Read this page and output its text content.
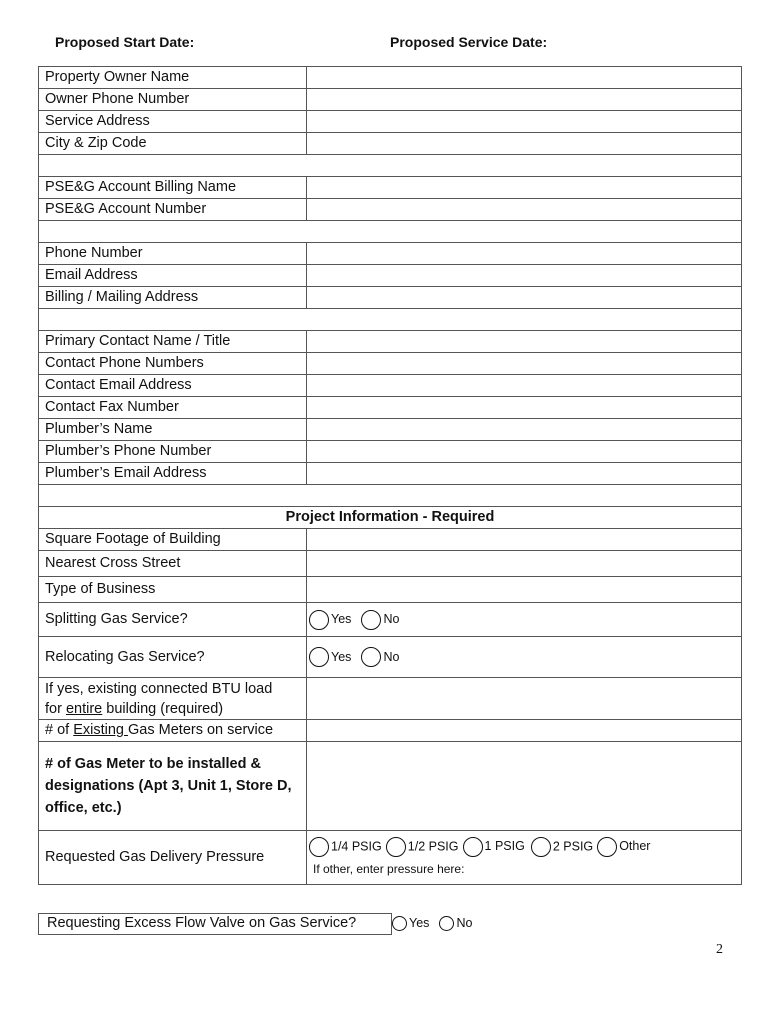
Proposed Start Date:	Proposed Service Date:
Property Owner Name	
Owner Phone Number	
Service Address	
City & Zip Code	

PSE&G Account Billing Name	
PSE&G Account Number	

Phone Number	
Email Address	
Billing / Mailing Address	

Primary Contact Name / Title	
Contact Phone Numbers	
Contact Email Address	
Contact Fax Number	
Plumber’s Name	
Plumber’s Phone Number	
Plumber’s Email Address	

Project Information - Required	
Square Footage of Building	
Nearest Cross Street	
Type of Business	
Splitting Gas Service?	Yes No
Relocating Gas Service?	Yes No
If yes, existing connected BTU load
for entire building (required)	
# of Existing Gas Meters on service	
# of Gas Meter to be installed & designations (Apt 3, Unit 1, Store D, office, etc.)	
Requested Gas Delivery Pressure	1/4 PSIG 1/2 PSIG 1 PSIG 2 PSIG Other
If other, enter pressure here:
Requesting Excess Flow Valve on Gas Service?	Yes No
2
